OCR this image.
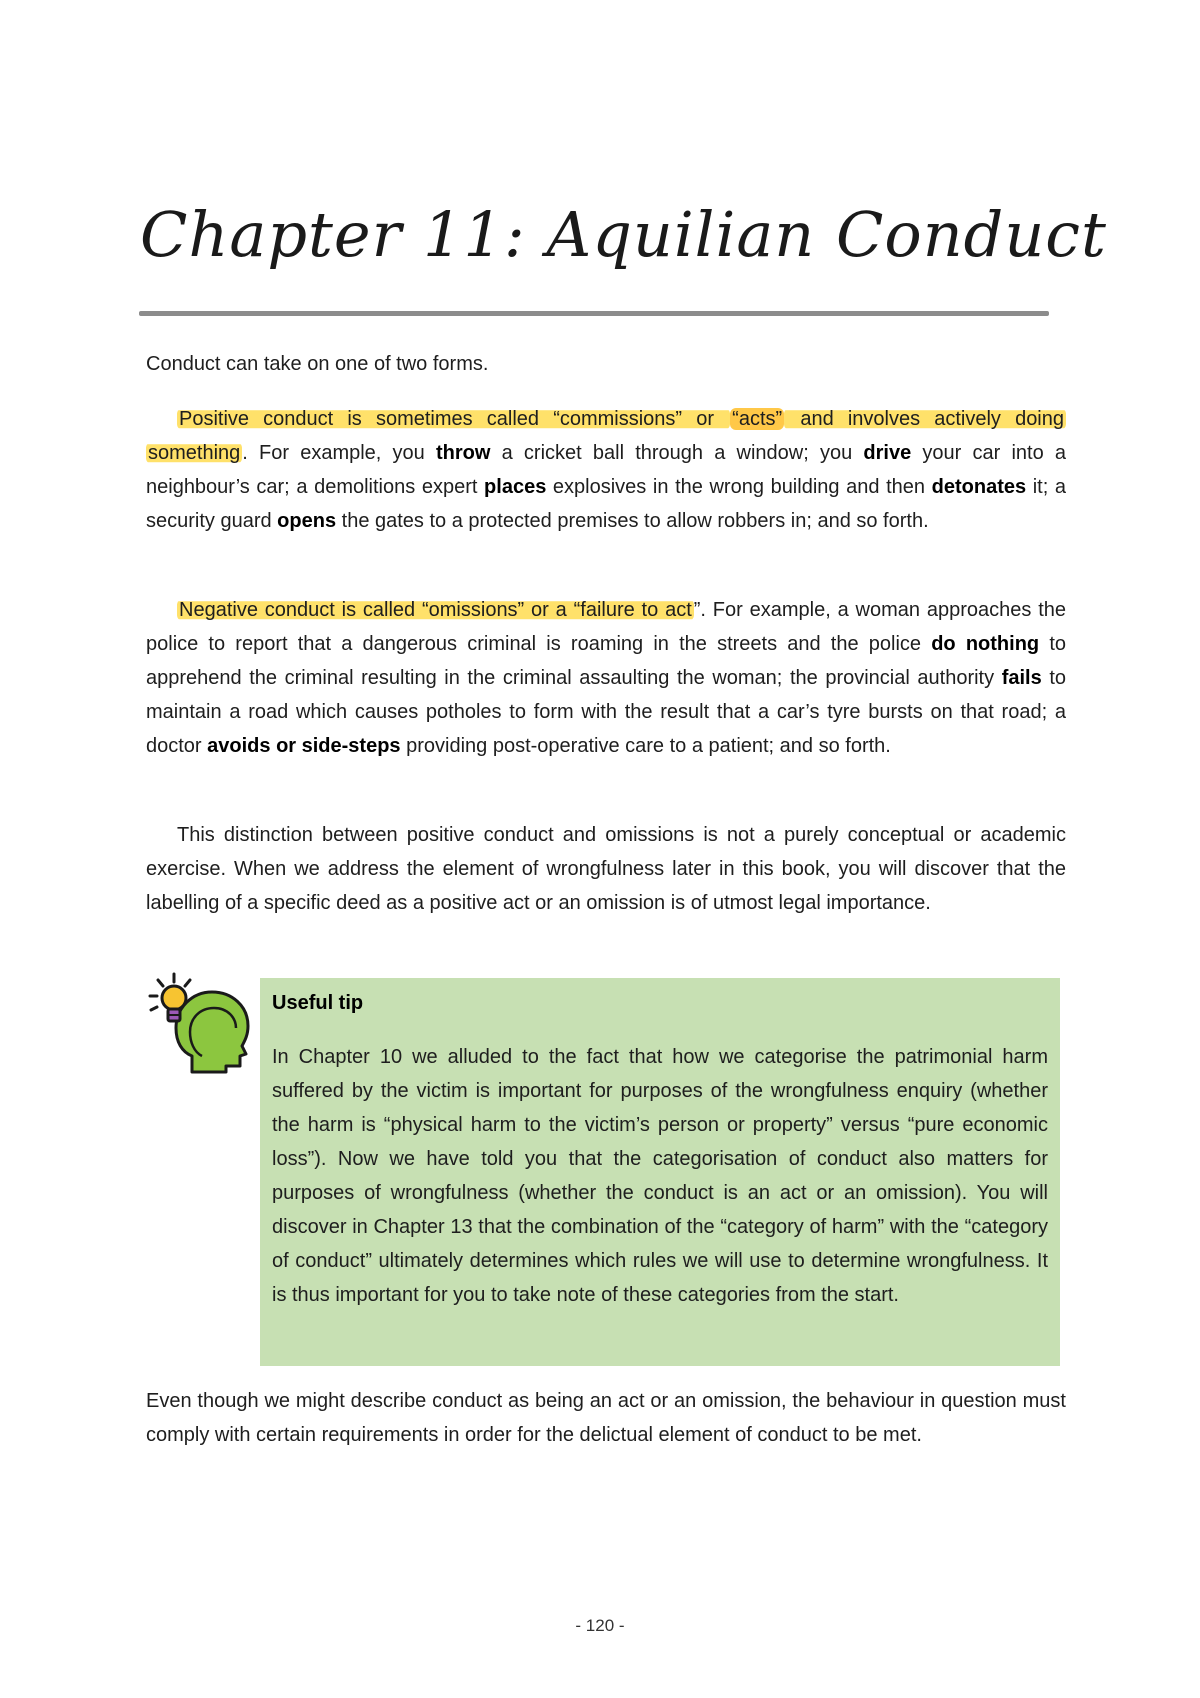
Chapter 11: Aquilian Conduct

Conduct can take on one of two forms.

Positive conduct is sometimes called “commissions” or “acts” and involves actively doing something . For example, you throw a cricket ball through a window; you drive your car into a neighbour’s car; a demolitions expert places explosives in the wrong building and then detonates it; a security guard opens the gates to a protected premises to allow robbers in; and so forth.

Negative conduct is called “omissions” or a “failure to act ”. For example, a woman approaches the police to report that a dangerous criminal is roaming in the streets and the police do nothing to apprehend the criminal resulting in the criminal assaulting the woman; the provincial authority fails to maintain a road which causes potholes to form with the result that a car’s tyre bursts on that road; a doctor avoids or side-steps providing post-operative care to a patient; and so forth.

This distinction between positive conduct and omissions is not a purely conceptual or academic exercise. When we address the element of wrongfulness later in this book, you will discover that the labelling of a specific deed as a positive act or an omission is of utmost legal importance.

Useful tip

In Chapter 10 we alluded to the fact that how we categorise the patrimonial harm suffered by the victim is important for purposes of the wrongfulness enquiry (whether the harm is “physical harm to the victim’s person or property” versus “pure economic loss”). Now we have told you that the categorisation of conduct also matters for purposes of wrongfulness (whether the conduct is an act or an omission). You will discover in Chapter 13 that the combination of the “category of harm” with the “category of conduct” ultimately determines which rules we will use to determine wrongfulness. It is thus important for you to take note of these categories from the start.

Even though we might describe conduct as being an act or an omission, the behaviour in question must comply with certain requirements in order for the delictual element of conduct to be met.

- 120 -
